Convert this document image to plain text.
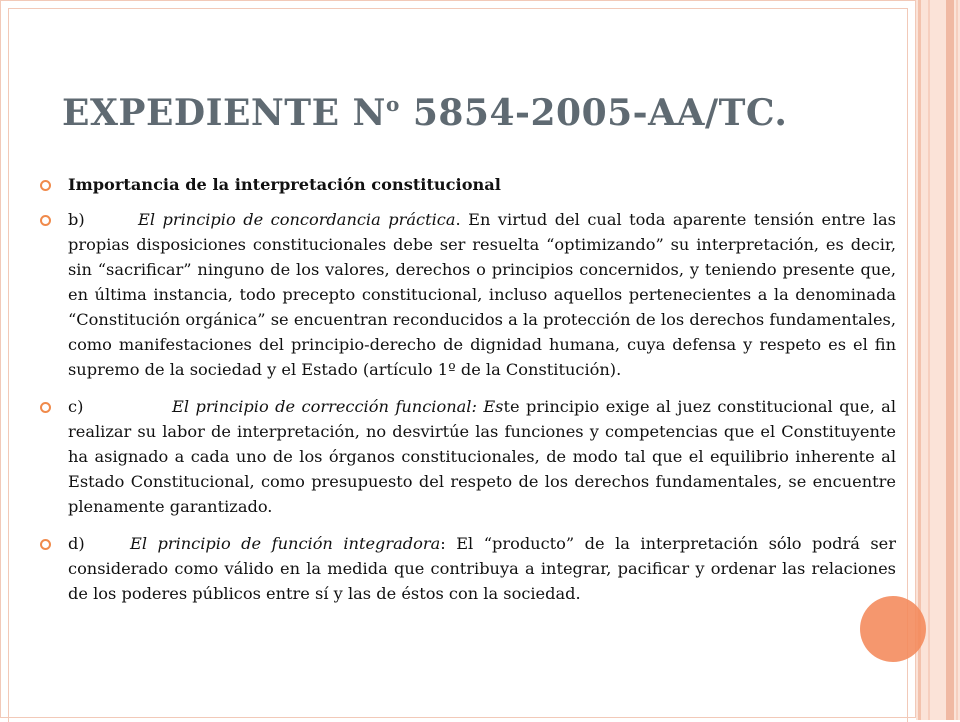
EXPEDIENTE $N^o$ 5854-2005-AA/TC.

Importancia de la interpretación constitucional

b)	El principio de concordancia práctica. En virtud del cual toda aparente tensión entre las propias disposiciones constitucionales debe ser resuelta “optimizando” su interpretación, es decir, sin “sacrificar” ninguno de los valores, derechos o principios concernidos, y teniendo presente que, en última instancia, todo precepto constitucional, incluso aquellos pertenecientes a la denominada “Constitución orgánica” se encuentran reconducidos a la protección de los derechos fundamentales, como manifestaciones del principio-derecho de dignidad humana, cuya defensa y respeto es el fin supremo de la sociedad y el Estado (artículo 1º de la Constitución).

c)	El principio de corrección funcional: Este principio exige al juez constitucional que, al realizar su labor de interpretación, no desvirtúe las funciones y competencias que el Constituyente ha asignado a cada uno de los órganos constitucionales, de modo tal que el equilibrio inherente al Estado Constitucional, como presupuesto del respeto de los derechos fundamentales, se encuentre plenamente garantizado.

d)	El principio de función integradora: El “producto” de la interpretación sólo podrá ser considerado como válido en la medida que contribuya a integrar, pacificar y ordenar las relaciones de los poderes públicos entre sí y las de éstos con la sociedad.
